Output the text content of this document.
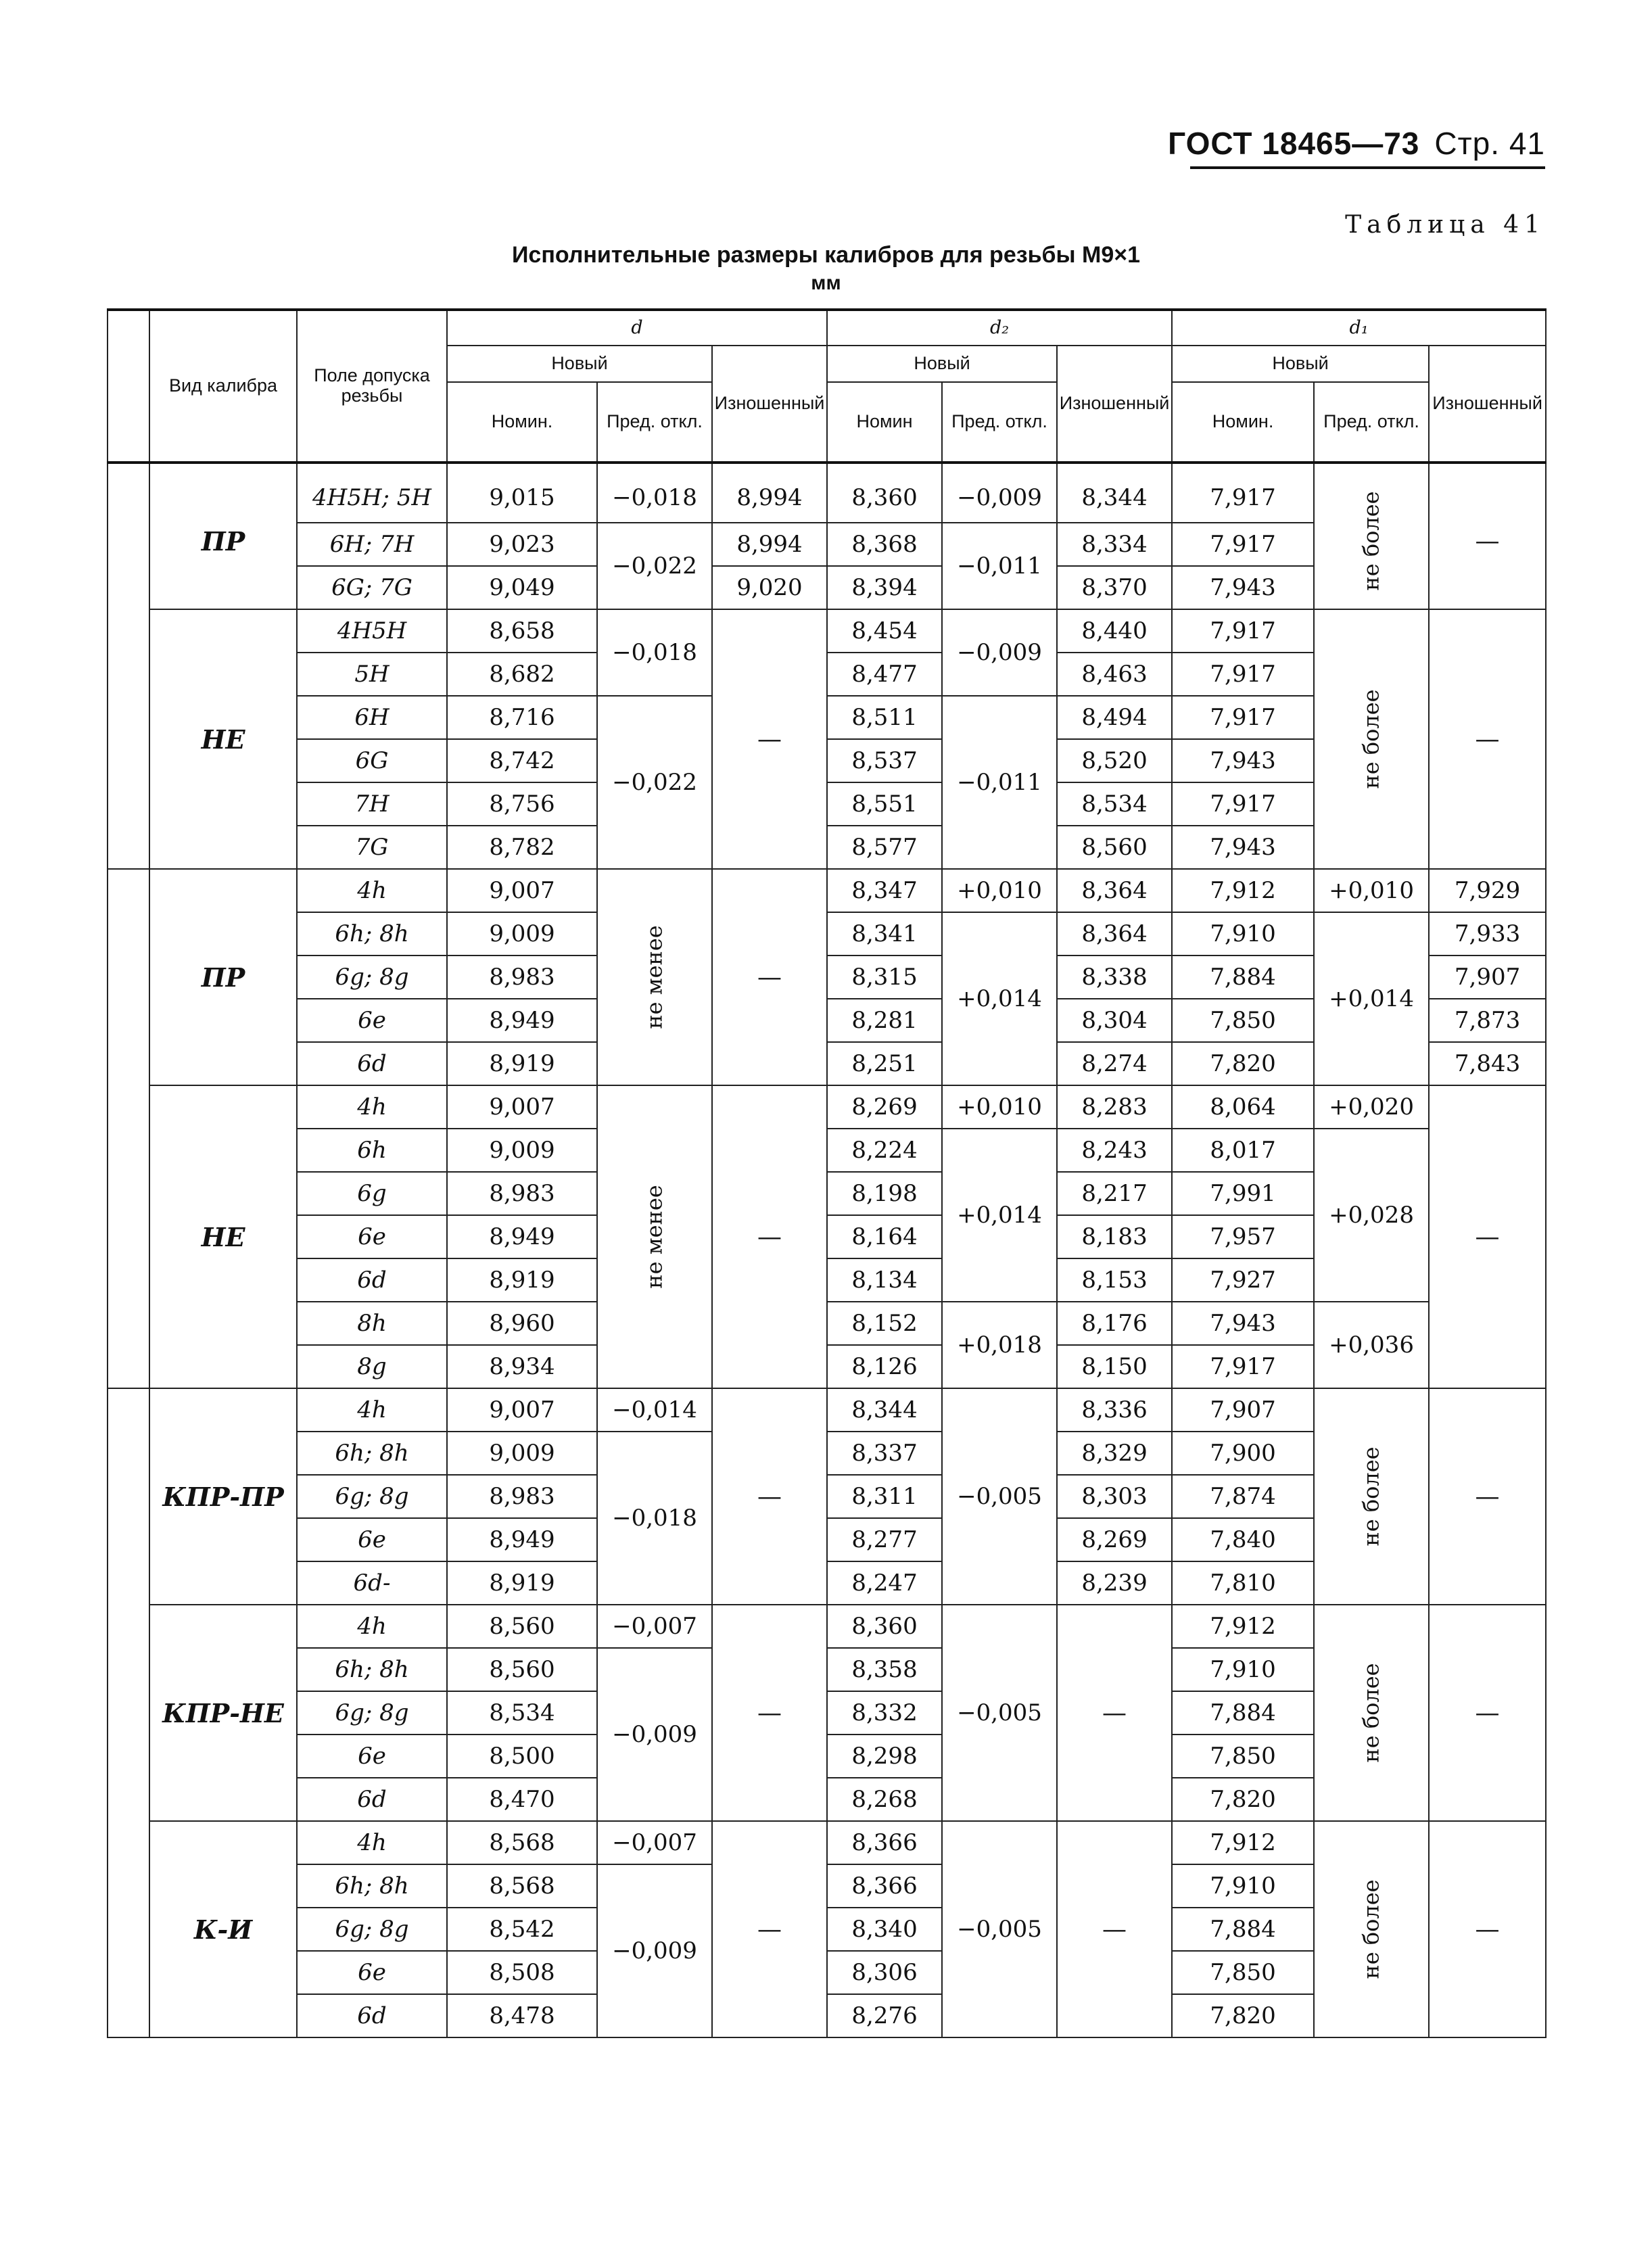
ГОСТ 18465—73 Стр. 41
Таблица 41
Исполнительные размеры калибров для резьбы M9×1
мм
	Вид калибра	Поле допуска резьбы	d			d₂			d₁		
			Новый		Изношенный	Новый		Изношенный	Новый		Изношенный
			Номин.	Пред. откл.		Номин	Пред. откл.		Номин.	Пред. откл.	
	ПР	4H5H; 5H	9,015	−0,018	8,994	8,360	−0,009	8,344	7,917	не более	—
		6H; 7H	9,023	−0,022	8,994	8,368	−0,011	8,334	7,917		
		6G; 7G	9,049		9,020	8,394		8,370	7,943		
	НЕ	4H5H	8,658	−0,018	—	8,454	−0,009	8,440	7,917	не более	—
		5H	8,682			8,477		8,463	7,917		
		6H	8,716	−0,022		8,511	−0,011	8,494	7,917		
		6G	8,742			8,537		8,520	7,943		
		7H	8,756			8,551		8,534	7,917		
		7G	8,782			8,577		8,560	7,943		
	ПР	4h	9,007	не менее	—	8,347	+0,010	8,364	7,912	+0,010	7,929
		6h; 8h	9,009			8,341	+0,014	8,364	7,910	+0,014	7,933
		6g; 8g	8,983			8,315		8,338	7,884		7,907
		6e	8,949			8,281		8,304	7,850		7,873
		6d	8,919			8,251		8,274	7,820		7,843
	НЕ	4h	9,007	не менее	—	8,269	+0,010	8,283	8,064	+0,020	—
		6h	9,009			8,224	+0,014	8,243	8,017	+0,028	
		6g	8,983			8,198		8,217	7,991		
		6e	8,949			8,164		8,183	7,957		
		6d	8,919			8,134		8,153	7,927		
		8h	8,960			8,152	+0,018	8,176	7,943	+0,036	
		8g	8,934			8,126		8,150	7,917		
	КПР-ПР	4h	9,007	−0,014	—	8,344	−0,005	8,336	7,907	не более	—
		6h; 8h	9,009	−0,018		8,337		8,329	7,900		
		6g; 8g	8,983			8,311		8,303	7,874		
		6e	8,949			8,277		8,269	7,840		
		6d-	8,919			8,247		8,239	7,810		
	КПР-НЕ	4h	8,560	−0,007	—	8,360	−0,005	—	7,912	не более	—
		6h; 8h	8,560	−0,009		8,358			7,910		
		6g; 8g	8,534			8,332			7,884		
		6e	8,500			8,298			7,850		
		6d	8,470			8,268			7,820		
	К-И	4h	8,568	−0,007	—	8,366	−0,005	—	7,912	не более	—
		6h; 8h	8,568	−0,009		8,366			7,910		
		6g; 8g	8,542			8,340			7,884		
		6e	8,508			8,306			7,850		
		6d	8,478			8,276			7,820		
